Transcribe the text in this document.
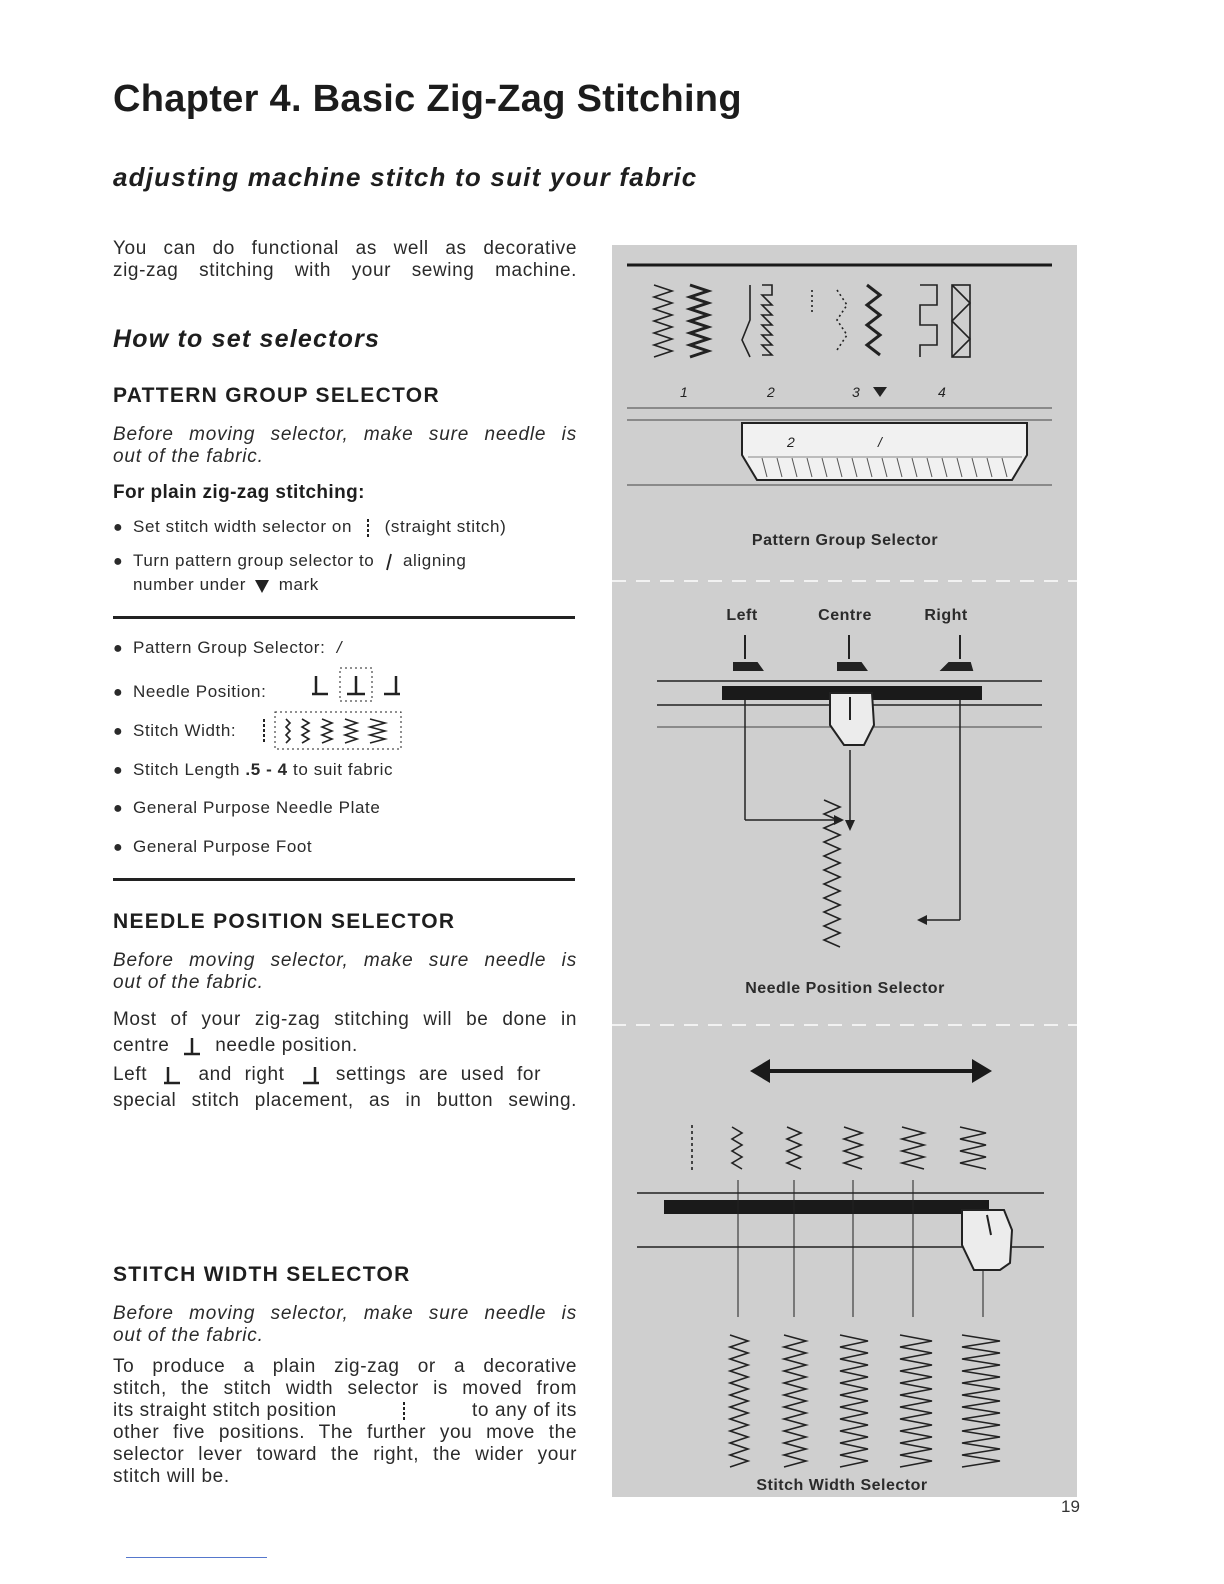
Chapter 4. Basic Zig-Zag Stitching
adjusting machine stitch to suit your fabric
You can do functional as well as decorative
zig-zag stitching with your sewing machine.
How to set selectors
PATTERN GROUP SELECTOR
Before moving selector, make sure needle is
out of the fabric.
For plain zig-zag stitching:
● Set stitch width selector on (straight stitch)
● Turn pattern group selector to aligning
number under mark
● Pattern Group Selector: /
● Needle Position:
● Stitch Width:
● Stitch Length .5 - 4 to suit fabric
● General Purpose Needle Plate
● General Purpose Foot
NEEDLE POSITION SELECTOR
Before moving selector, make sure needle is
out of the fabric.
Most of your zig-zag stitching will be done in
centre needle position.
Left	and right	settings are used for
special stitch placement, as in button sewing.
STITCH WIDTH SELECTOR
Before moving selector, make sure needle is
out of the fabric.
To produce a plain zig-zag or a decorative
stitch, the stitch width selector is moved from
its straight stitch position	to any of its
other five positions. The further you move the
selector lever toward the right, the wider your
stitch will be.
1	2	3	4
2	/
Pattern Group Selector
Left	Centre	Right
Needle Position Selector
Stitch Width Selector
19
